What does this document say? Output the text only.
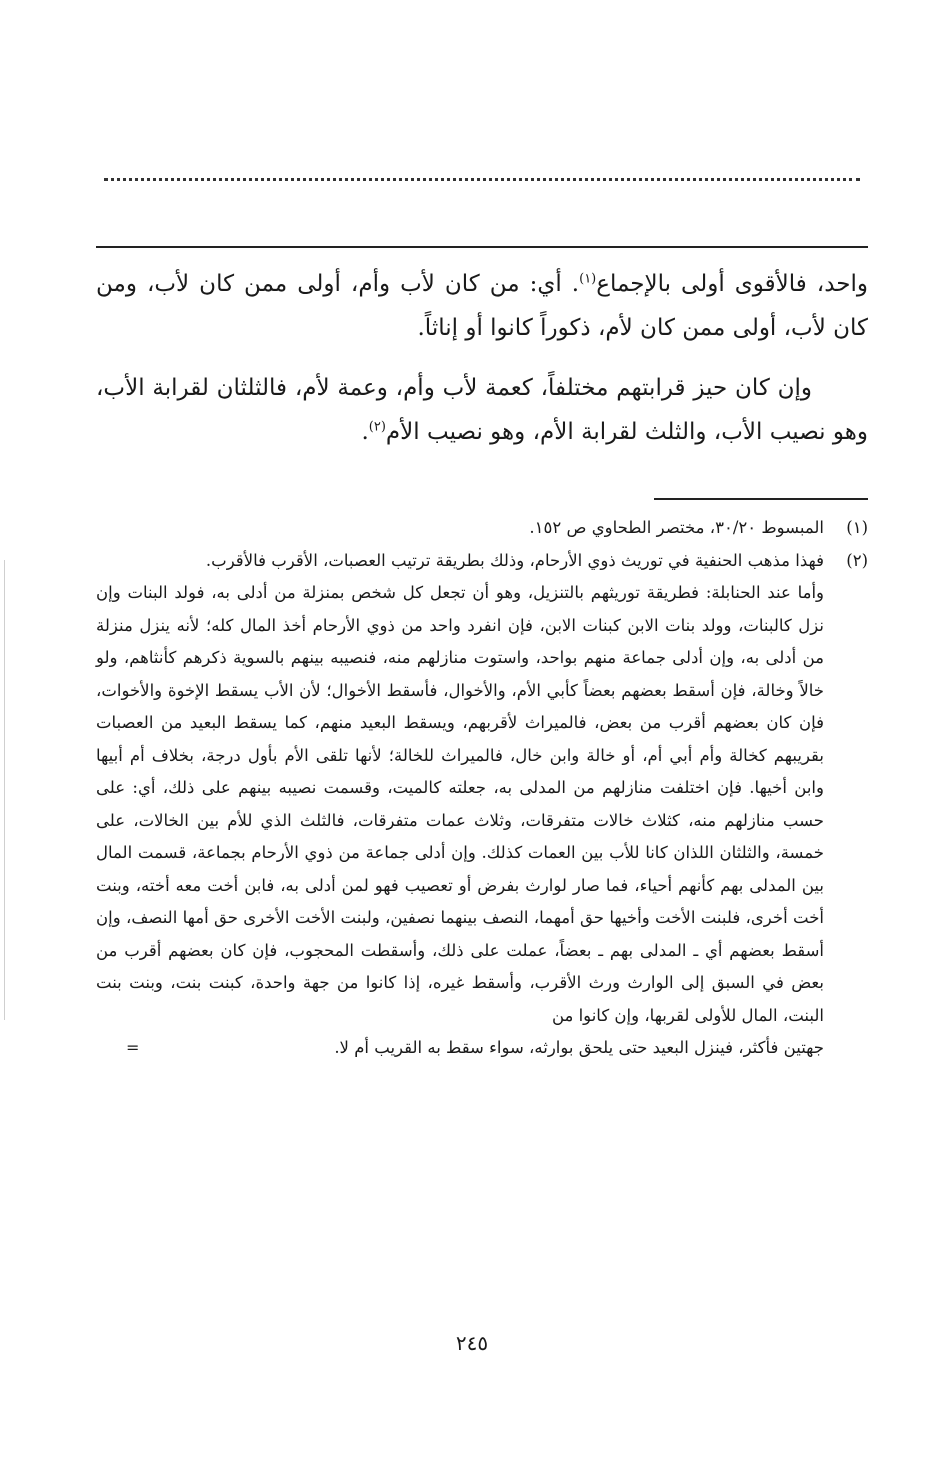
واحد، فالأقوى أولى بالإجماع$^{(١)}$. أي: من كان لأب وأم، أولى ممن كان لأب، ومن كان لأب، أولى ممن كان لأم، ذكوراً كانوا أو إناثاً.

وإن كان حيز قرابتهم مختلفاً، كعمة لأب وأم، وعمة لأم، فالثلثان لقرابة الأب، وهو نصيب الأب، والثلث لقرابة الأم، وهو نصيب الأم$^{(٢)}$.

(١)

المبسوط ٣٠/٢٠، مختصر الطحاوي ص ١٥٢.

(٢)

فهذا مذهب الحنفية في توريث ذوي الأرحام، وذلك بطريقة ترتيب العصبات، الأقرب فالأقرب.

وأما عند الحنابلة: فطريقة توريثهم بالتنزيل، وهو أن تجعل كل شخص بمنزلة من أدلى به، فولد البنات وإن نزل كالبنات، وولد بنات الابن كبنات الابن، فإن انفرد واحد من ذوي الأرحام أخذ المال كله؛ لأنه ينزل منزلة من أدلى به، وإن أدلى جماعة منهم بواحد، واستوت منازلهم منه، فنصيبه بينهم بالسوية ذكرهم كأنثاهم، ولو خالاً وخالة، فإن أسقط بعضهم بعضاً كأبي الأم، والأخوال، فأسقط الأخوال؛ لأن الأب يسقط الإخوة والأخوات، فإن كان بعضهم أقرب من بعض، فالميراث لأقربهم، ويسقط البعيد منهم، كما يسقط البعيد من العصبات بقريبهم كخالة وأم أبي أم، أو خالة وابن خال، فالميراث للخالة؛ لأنها تلقى الأم بأول درجة، بخلاف أم أبيها وابن أخيها. فإن اختلفت منازلهم من المدلى به، جعلته كالميت، وقسمت نصيبه بينهم على ذلك، أي: على حسب منازلهم منه، كثلاث خالات متفرقات، وثلاث عمات متفرقات، فالثلث الذي للأم بين الخالات، على خمسة، والثلثان اللذان كانا للأب بين العمات كذلك. وإن أدلى جماعة من ذوي الأرحام بجماعة، قسمت المال بين المدلى بهم كأنهم أحياء، فما صار لوارث بفرض أو تعصيب فهو لمن أدلى به، فابن أخت معه أخته، وبنت أخت أخرى، فلبنت الأخت وأخيها حق أمهما، النصف بينهما نصفين، ولبنت الأخت الأخرى حق أمها النصف، وإن أسقط بعضهم أي ـ المدلى بهم ـ بعضاً، عملت على ذلك، وأسقطت المحجوب، فإن كان بعضهم أقرب من بعض في السبق إلى الوارث ورث الأقرب، وأسقط غيره، إذا كانوا من جهة واحدة، كبنت بنت، وبنت بنت البنت، المال للأولى لقربها، وإن كانوا من

جهتين فأكثر، فينزل البعيد حتى يلحق بوارثه، سواء سقط به القريب أم لا.
=
٢٤٥
